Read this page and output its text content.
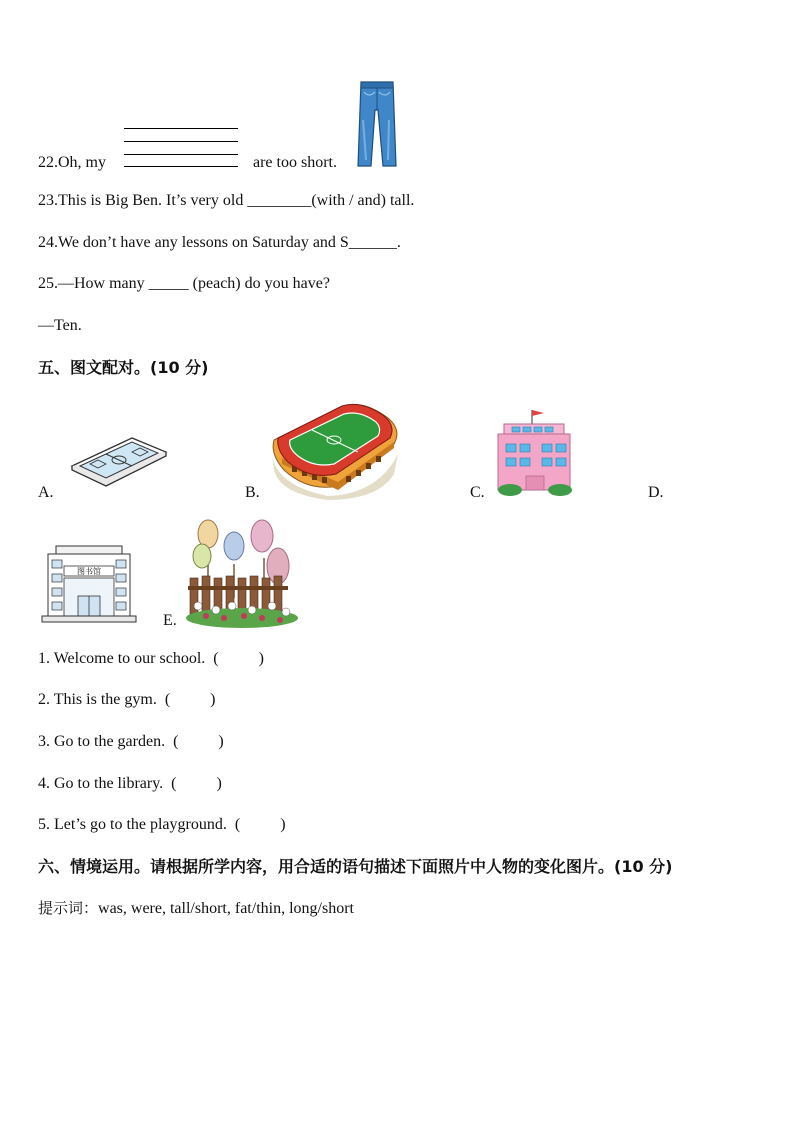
22.Oh, my	are too short.
23.This is Big Ben. It’s very old ________(with / and) tall.
24.We don’t have any lessons on Saturday and S______.
25.—How many _____ (peach) do you have?
—Ten.
五、图文配对。(10 分)
A.	B.	C.	D.
图书馆
E.
1. Welcome to our school.  (          )
2. This is the gym.  (          )
3. Go to the garden.  (          )
4. Go to the library.  (          )
5. Let’s go to the playground.  (          )
六、情境运用。请根据所学内容，用合适的语句描述下面照片中人物的变化图片。(10 分)
提示词：was, were, tall/short, fat/thin, long/short
